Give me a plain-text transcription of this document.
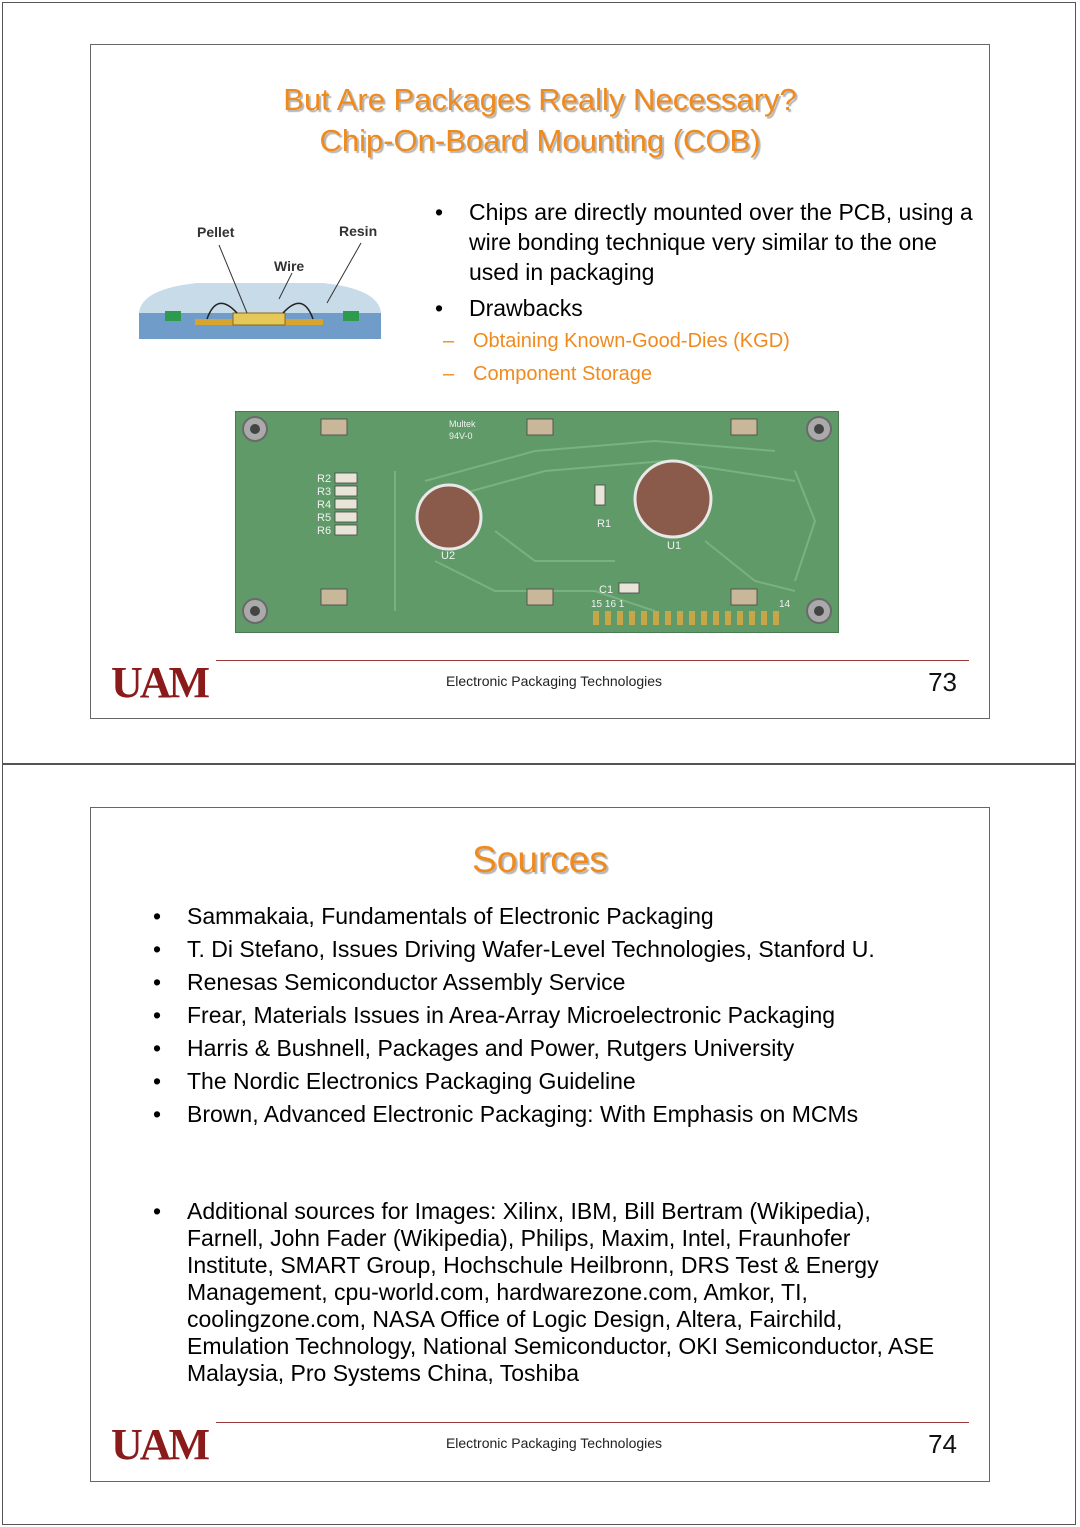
But Are Packages Really Necessary?
Chip-On-Board Mounting (COB)
Pellet
Wire
Resin
• Chips are directly mounted over the PCB, using a wire bonding technique very similar to the one used in packaging
• Drawbacks
– Obtaining Known-Good-Dies (KGD)
– Component Storage
R2
R3
R4
R5
R6
U2
U1
R1
C1
15 16 1	14
Multek
94V-0
UAM	Electronic Packaging Technologies	73
Sources
• Sammakaia, Fundamentals of Electronic Packaging
• T. Di Stefano, Issues Driving Wafer-Level Technologies, Stanford U.
• Renesas Semiconductor Assembly Service
• Frear, Materials Issues in Area-Array Microelectronic Packaging
• Harris & Bushnell, Packages and Power, Rutgers University
• The Nordic Electronics Packaging Guideline
• Brown, Advanced Electronic Packaging: With Emphasis on MCMs
• Additional sources for Images: Xilinx, IBM, Bill Bertram (Wikipedia), Farnell, John Fader (Wikipedia), Philips, Maxim, Intel, Fraunhofer Institute, SMART Group, Hochschule Heilbronn, DRS Test & Energy Management, cpu-world.com, hardwarezone.com, Amkor, TI, coolingzone.com, NASA Office of Logic Design, Altera, Fairchild, Emulation Technology, National Semiconductor, OKI Semiconductor, ASE Malaysia, Pro Systems China, Toshiba
UAM	Electronic Packaging Technologies	74
